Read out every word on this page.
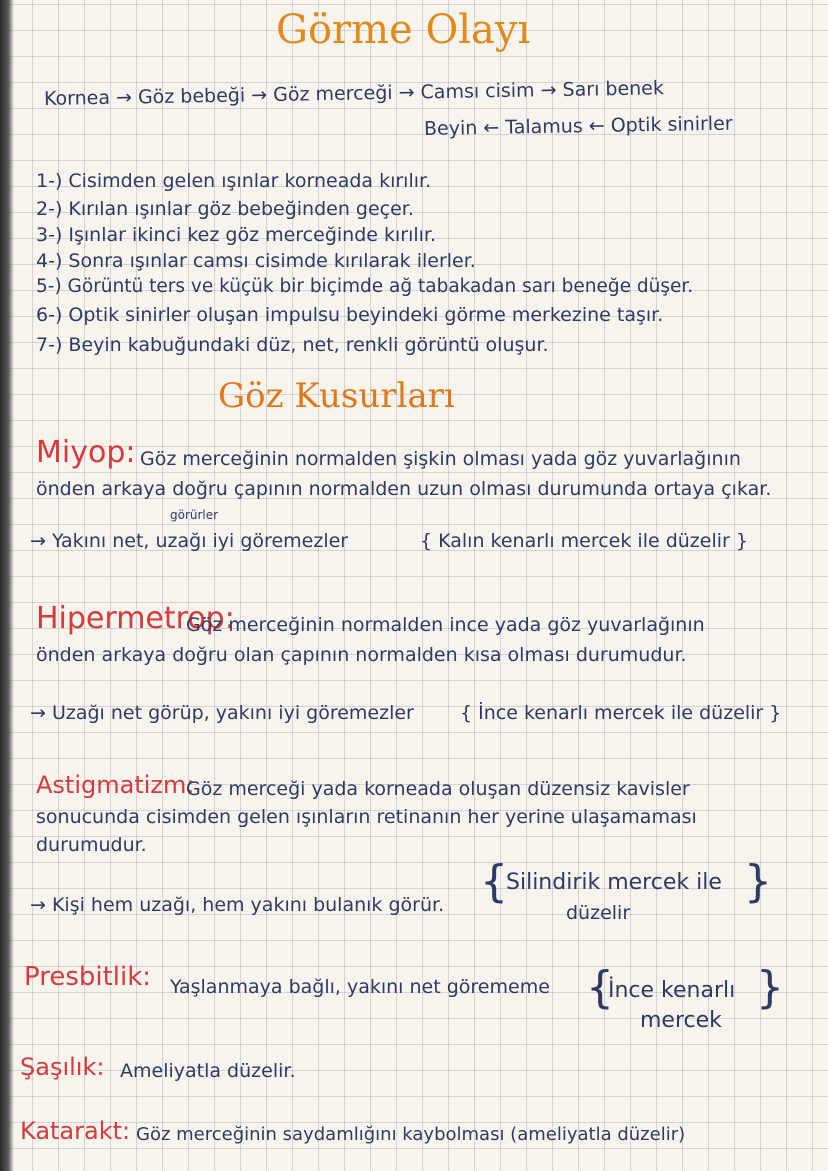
Görme Olayı
Kornea → Göz bebeği → Göz merceği → Camsı cisim → Sarı benek
Beyin ← Talamus ← Optik sinirler
1-) Cisimden gelen ışınlar korneada kırılır.
2-) Kırılan ışınlar göz bebeğinden geçer.
3-) Işınlar ikinci kez göz merceğinde kırılır.
4-) Sonra ışınlar camsı cisimde kırılarak ilerler.
5-) Görüntü ters ve küçük bir biçimde ağ tabakadan sarı beneğe düşer.
6-) Optik sinirler oluşan impulsu beyindeki görme merkezine taşır.
7-) Beyin kabuğundaki düz, net, renkli görüntü oluşur.
Göz Kusurları
Miyop: Göz merceğinin normalden şişkin olması yada göz yuvarlağının
önden arkaya doğru çapının normalden uzun olması durumunda ortaya çıkar.
görürler
→ Yakını net, uzağı iyi göremezler	{ Kalın kenarlı mercek ile düzelir }
Hipermetrop:
Göz merceğinin normalden ince yada göz yuvarlağının
önden arkaya doğru olan çapının normalden kısa olması durumudur.
→ Uzağı net görüp, yakını iyi göremezler { İnce kenarlı mercek ile düzelir }
Astigmatizm:
Göz merceği yada korneada oluşan düzensiz kavisler
sonucunda cisimden gelen ışınların retinanın her yerine ulaşamaması
durumudur.
→ Kişi hem uzağı, hem yakını bulanık görür. {
Silindirik mercek ile
düzelir
}
Presbitlik: Yaşlanmaya bağlı, yakını net görememe {
İnce kenarlı
mercek
}
Şaşılık: Ameliyatla düzelir.
Katarakt: Göz merceğinin saydamlığını kaybolması (ameliyatla düzelir)
